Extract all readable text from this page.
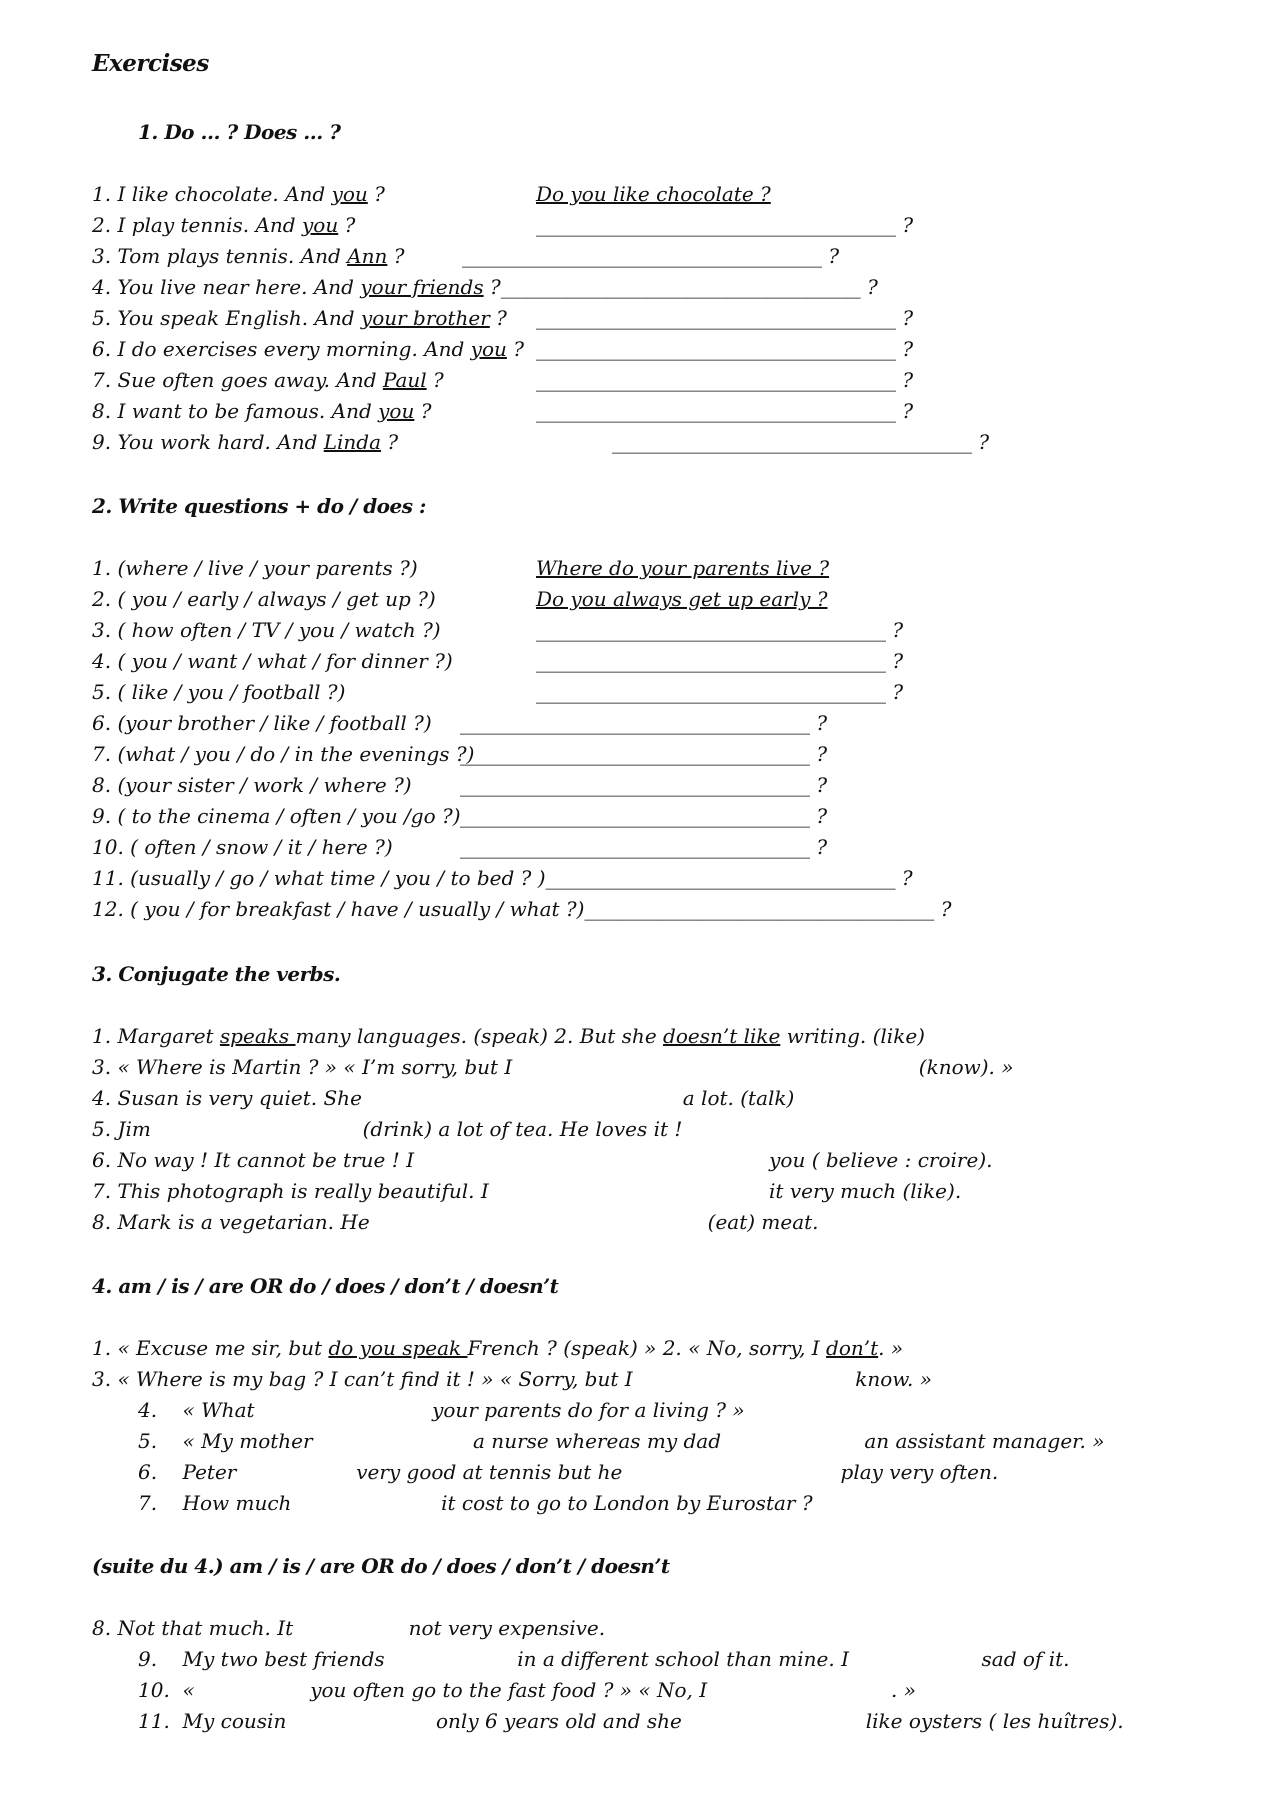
Exercises
1. Do … ? Does … ?
1. I like chocolate. And you ?	Do you like chocolate ?
2. I play tennis. And you ?	____________________________________ ?
3. Tom plays tennis. And Ann ?	____________________________________ ?
4. You live near here. And your friends ?____________________________________ ?
5. You speak English. And your brother ? ____________________________________ ?
6. I do exercises every morning. And you ? ____________________________________ ?
7. Sue often goes away. And Paul ?	____________________________________ ?
8. I want to be famous. And you ?	____________________________________ ?
9. You work hard. And Linda ?	____________________________________ ?
2. Write questions + do / does :
1. (where / live / your parents ?)	Where do your parents live ?
2. ( you / early / always / get up ?)	Do you always get up early ?
3. ( how often / TV / you / watch ?)	___________________________________ ?
4. ( you / want / what / for dinner ?)	___________________________________ ?
5. ( like / you / football ?)	___________________________________ ?
6. (your brother / like / football ?) ___________________________________ ?
7. (what / you / do / in the evenings ?)
___________________________________ ?
8. (your sister / work / where ?) ___________________________________ ?
9. ( to the cinema / often / you /go ?) ___________________________________ ?
10. ( often / snow / it / here ?)	___________________________________ ?
11. (usually / go / what time / you / to bed ? )___________________________________ ?
12. ( you / for breakfast / have / usually / what ?)___________________________________ ?
3. Conjugate the verbs.
1. Margaret speaks many languages. (speak) 2. But she doesn’t like writing. (like)
3. « Where is Martin ? » « I’m sorry, but I	(know). »
4. Susan is very quiet. She	a lot. (talk)
5. Jim	(drink) a lot of tea. He loves it !
6. No way ! It cannot be true ! I	you ( believe : croire).
7. This photograph is really beautiful. I	it very much (like).
8. Mark is a vegetarian. He	(eat) meat.
4. am / is / are OR do / does / don’t / doesn’t
1. « Excuse me sir, but do you speak French ? (speak) » 2. « No, sorry, I don’t. »
3. « Where is my bag ? I can’t find it ! » « Sorry, but I	know. »
4. « What	your parents do for a living ? »
5. « My mother	a nurse whereas my dad	an assistant manager. »
6. Peter	very good at tennis but he	play very often.
7. How much	it cost to go to London by Eurostar ?
(suite du 4.) am / is / are OR do / does / don’t / doesn’t
8. Not that much. It	not very expensive.
9. My two best friends	in a different school than mine. I	sad of it.
10. «	you often go to the fast food ? » « No, I	. »
11. My cousin	only 6 years old and she	like oysters ( les huîtres).
